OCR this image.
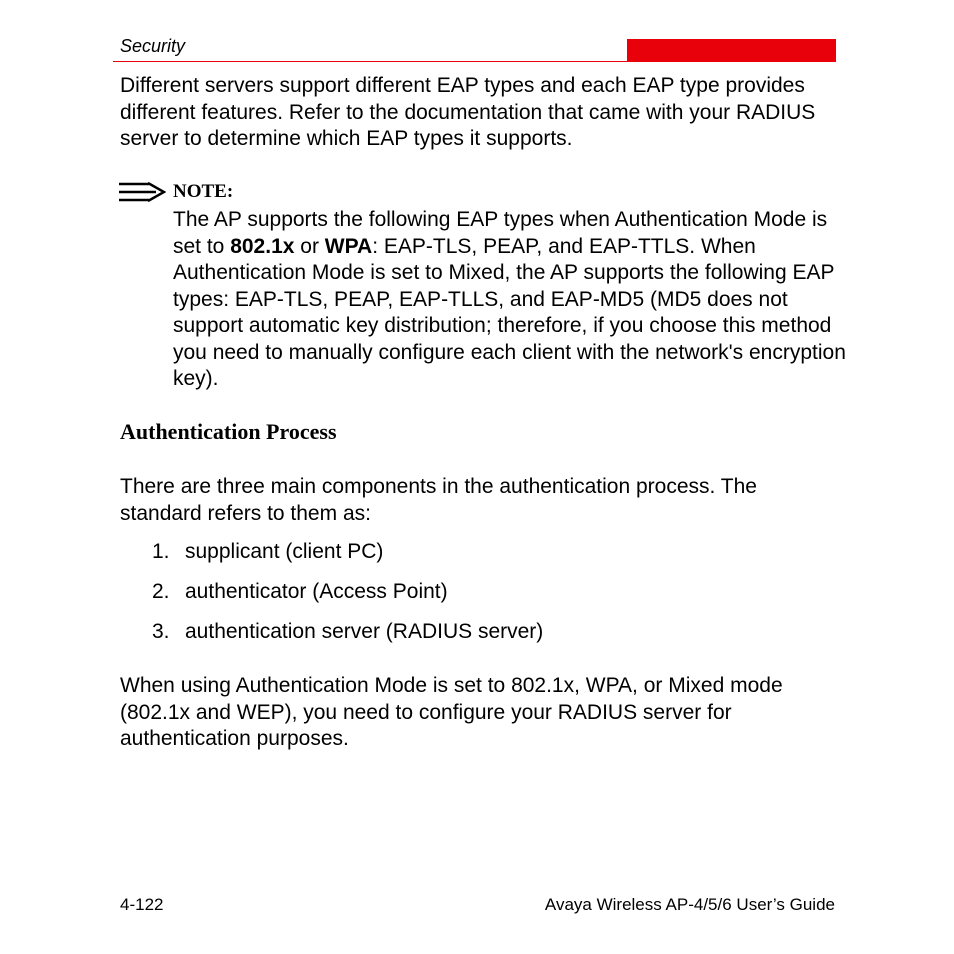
Security

Different servers support different EAP types and each EAP type provides different features. Refer to the documentation that came with your RADIUS server to determine which EAP types it supports.

NOTE:

The AP supports the following EAP types when Authentication Mode is set to 802.1x or WPA: EAP-TLS, PEAP, and EAP-TTLS. When Authentication Mode is set to Mixed, the AP supports the following EAP types: EAP-TLS, PEAP, EAP-TLLS, and EAP-MD5 (MD5 does not support automatic key distribution; therefore, if you choose this method you need to manually configure each client with the network's encryption key).

Authentication Process

There are three main components in the authentication process. The standard refers to them as:

1. supplicant (client PC)
2. authenticator (Access Point)
3. authentication server (RADIUS server)

When using Authentication Mode is set to 802.1x, WPA, or Mixed mode (802.1x and WEP), you need to configure your RADIUS server for authentication purposes.

4-122	Avaya Wireless AP-4/5/6 User’s Guide
